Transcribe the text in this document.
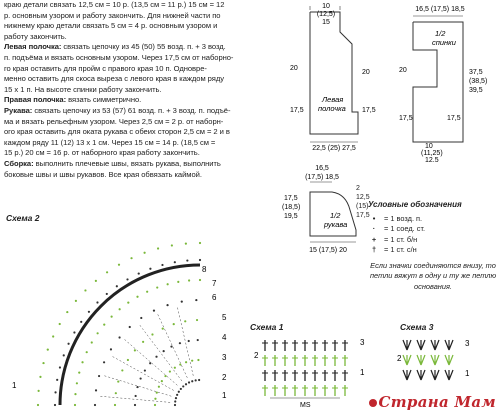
краю детали связать 12,5 см = 10 р. (13,5 см = 11 р.) 15 см = 12
р. основным узором и работу закончить. Для нижней части по
нижнему краю детали связать 5 см = 4 р. основным узором и
работу закончить.
Левая полочка: связать цепочку из 45 (50) 55 возд. п. + 3 возд.
п. подъёма и вязать основным узором. Через 17,5 см от наборно-
го края оставить для пройм с правого края 10 п. Одновре-
менно оставить для скоса выреза с левого края в каждом ряду
15 х 1 п. На высоте спинки работу закончить.
Правая полочка: вязать симметрично.
Рукава: связать цепочку из 53 (57) 61 возд. п. + 3 возд. п. подъё-
ма и вязать рельефным узором. Через 2,5 см = 2 р. от наборн-
ого края оставить для оката рукава с обеих сторон 2,5 см = 2 и в
каждом ряду 11 (12) 13 х 1 см. Через 15 см = 14 р. (18,5 см =
15 р.) 20 см = 16 р. от наборного края работу закончить.
Сборка: выполнить плечевые швы, вязать рукава, выполнить
боковые швы и швы рукавов. Все края обвязать каймой.
10
(12,5)
15
20
17,5
20
17,5
Левая
полочка
22,5 (25) 27,5
16,5 (17,5) 18,5
1/2
спинки
37,5
(38,5)
39,5
20
17,5	17,5
10
(11,25)
12,5
16,5
(17,5) 18,5
17,5
(18,5)
19,5	1/2
рукава
15 (17,5) 20
2
12,5
(15)
17,5
Условные обозначения
•	= 1 возд. п.
·	= 1 соед. ст.
+	= 1 ст. б/н
†	= 1 ст. с/н
Если значки соединяются внизу, то петли вяжут в одну и ту же петлю основания.
Схема 2
8
7
6
5
4
3
2
1
1
Схема 1
3
2
1
MS
Схема 3
3
2
1
Страна Мам
